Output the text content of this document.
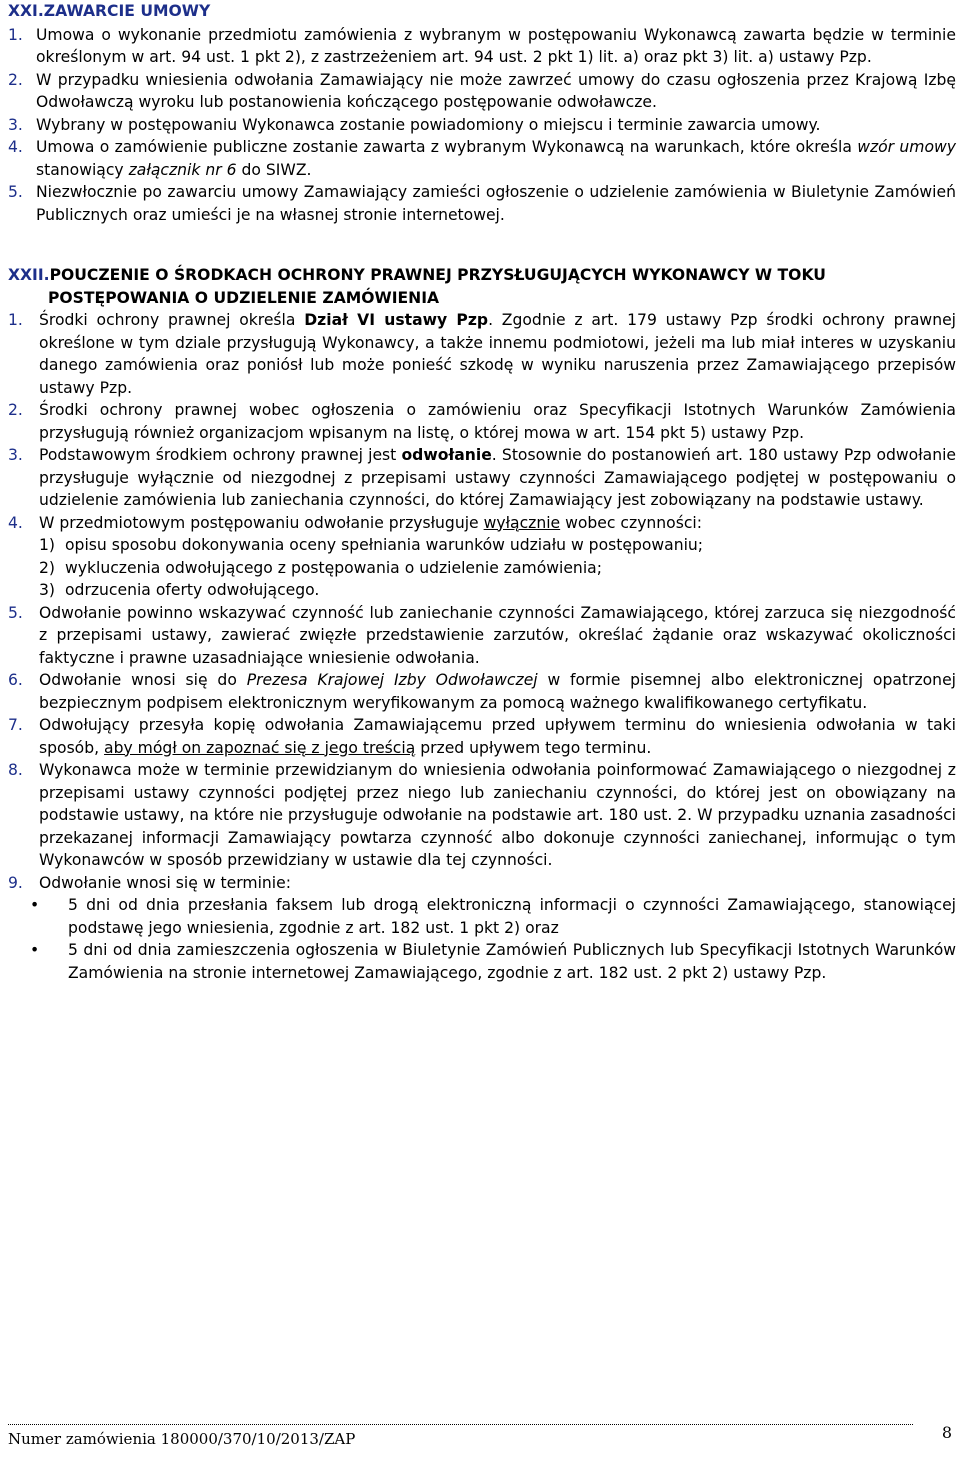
XXI.ZAWARCIE UMOWY

1. Umowa o wykonanie przedmiotu zamówienia z wybranym w postępowaniu Wykonawcą zawarta będzie w terminie określonym w art. 94 ust. 1 pkt 2), z zastrzeżeniem art. 94 ust. 2 pkt 1) lit. a) oraz pkt 3) lit. a) ustawy Pzp.

2. W przypadku wniesienia odwołania Zamawiający nie może zawrzeć umowy do czasu ogłoszenia przez Krajową Izbę Odwoławczą wyroku lub postanowienia kończącego postępowanie odwoławcze.

3. Wybrany w postępowaniu Wykonawca zostanie powiadomiony o miejscu i terminie zawarcia umowy.

4. Umowa o zamówienie publiczne zostanie zawarta z wybranym Wykonawcą na warunkach, które określa wzór umowy stanowiący załącznik nr 6 do SIWZ.

5. Niezwłocznie po zawarciu umowy Zamawiający zamieści ogłoszenie o udzielenie zamówienia w Biuletynie Zamówień Publicznych oraz umieści je na własnej stronie internetowej.

XXII.POUCZENIE O ŚRODKACH OCHRONY PRAWNEJ PRZYSŁUGUJĄCYCH WYKONAWCY W TOKU
POSTĘPOWANIA O UDZIELENIE ZAMÓWIENIA

1. Środki ochrony prawnej określa Dział VI ustawy Pzp. Zgodnie z art. 179 ustawy Pzp środki ochrony prawnej określone w tym dziale przysługują Wykonawcy, a także innemu podmiotowi, jeżeli ma lub miał interes w uzyskaniu danego zamówienia oraz poniósł lub może ponieść szkodę w wyniku naruszenia przez Zamawiającego przepisów ustawy Pzp.

2. Środki ochrony prawnej wobec ogłoszenia o zamówieniu oraz Specyfikacji Istotnych Warunków Zamówienia przysługują również organizacjom wpisanym na listę, o której mowa w art. 154 pkt 5) ustawy Pzp.

3. Podstawowym środkiem ochrony prawnej jest odwołanie. Stosownie do postanowień art. 180 ustawy Pzp odwołanie przysługuje wyłącznie od niezgodnej z przepisami ustawy czynności Zamawiającego podjętej w postępowaniu o udzielenie zamówienia lub zaniechania czynności, do której Zamawiający jest zobowiązany na podstawie ustawy.

4. W przedmiotowym postępowaniu odwołanie przysługuje wyłącznie wobec czynności:

1) opisu sposobu dokonywania oceny spełniania warunków udziału w postępowaniu;

2) wykluczenia odwołującego z postępowania o udzielenie zamówienia;

3) odrzucenia oferty odwołującego.

5. Odwołanie powinno wskazywać czynność lub zaniechanie czynności Zamawiającego, której zarzuca się niezgodność z przepisami ustawy, zawierać zwięzłe przedstawienie zarzutów, określać żądanie oraz wskazywać okoliczności faktyczne i prawne uzasadniające wniesienie odwołania.

6. Odwołanie wnosi się do Prezesa Krajowej Izby Odwoławczej w formie pisemnej albo elektronicznej opatrzonej bezpiecznym podpisem elektronicznym weryfikowanym za pomocą ważnego kwalifikowanego certyfikatu.

7. Odwołujący przesyła kopię odwołania Zamawiającemu przed upływem terminu do wniesienia odwołania w taki sposób, aby mógł on zapoznać się z jego treścią przed upływem tego terminu.

8. Wykonawca może w terminie przewidzianym do wniesienia odwołania poinformować Zamawiającego o niezgodnej z przepisami ustawy czynności podjętej przez niego lub zaniechaniu czynności, do której jest on obowiązany na podstawie ustawy, na które nie przysługuje odwołanie na podstawie art. 180 ust. 2. W przypadku uznania zasadności przekazanej informacji Zamawiający powtarza czynność albo dokonuje czynności zaniechanej, informując o tym Wykonawców w sposób przewidziany w ustawie dla tej czynności.

9. Odwołanie wnosi się w terminie:

• 5 dni od dnia przesłania faksem lub drogą elektroniczną informacji o czynności Zamawiającego, stanowiącej podstawę jego wniesienia, zgodnie z art. 182 ust. 1 pkt 2) oraz

• 5 dni od dnia zamieszczenia ogłoszenia w Biuletynie Zamówień Publicznych lub Specyfikacji Istotnych Warunków Zamówienia na stronie internetowej Zamawiającego, zgodnie z art. 182 ust. 2 pkt 2) ustawy Pzp.

Numer zamówienia 180000/370/10/2013/ZAP	8
